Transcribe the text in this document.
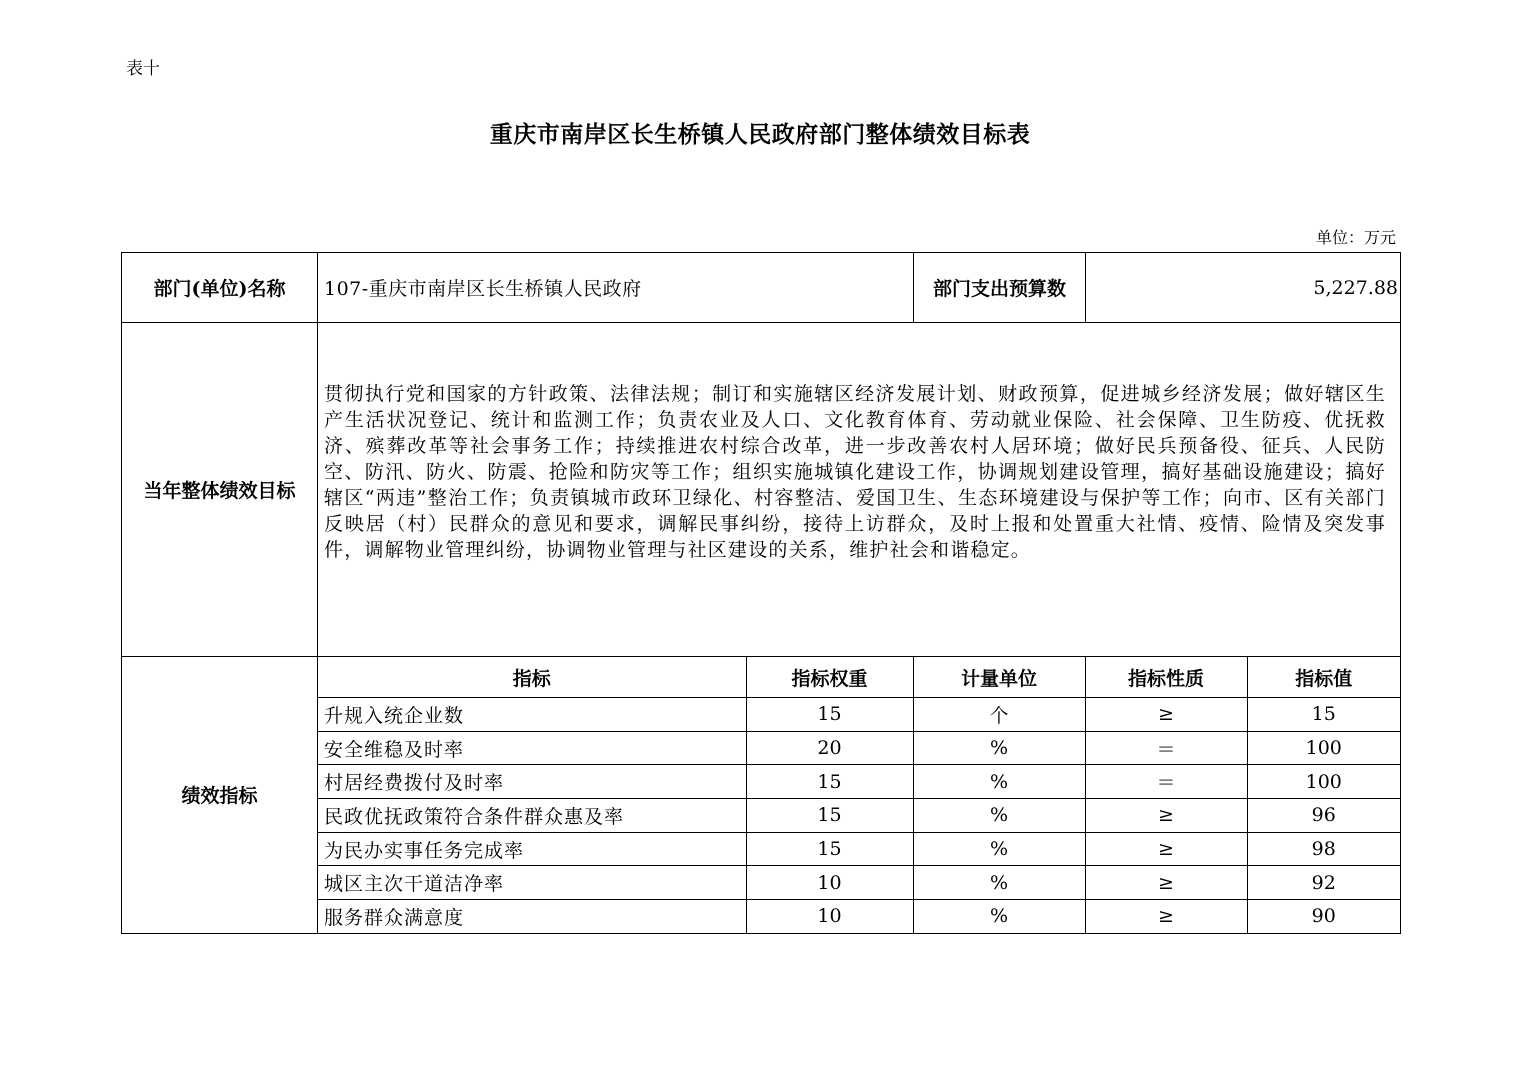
表十
重庆市南岸区长生桥镇人民政府部门整体绩效目标表
单位：万元
部门(单位)名称	107-重庆市南岸区长生桥镇人民政府	部门支出预算数	5,227.88
当年整体绩效目标	贯彻执行党和国家的方针政策、法律法规；制订和实施辖区经济发展计划、财政预算，促进城乡经济发展；做好辖区生产生活状况登记、统计和监测工作；负责农业及人口、文化教育体育、劳动就业保险、社会保障、卫生防疫、优抚救济、殡葬改革等社会事务工作；持续推进农村综合改革，进一步改善农村人居环境；做好民兵预备役、征兵、人民防空、防汛、防火、防震、抢险和防灾等工作；组织实施城镇化建设工作，协调规划建设管理，搞好基础设施建设；搞好辖区“两违”整治工作；负责镇城市政环卫绿化、村容整洁、爱国卫生、生态环境建设与保护等工作；向市、区有关部门反映居（村）民群众的意见和要求，调解民事纠纷，接待上访群众，及时上报和处置重大社情、疫情、险情及突发事件，调解物业管理纠纷，协调物业管理与社区建设的关系，维护社会和谐稳定。
绩效指标	
指标	指标权重	计量单位	指标性质	指标值
升规入统企业数	15	个	≥	15
安全维稳及时率	20	%	＝	100
村居经费拨付及时率	15	%	＝	100
民政优抚政策符合条件群众惠及率	15	%	≥	96
为民办实事任务完成率	15	%	≥	98
城区主次干道洁净率	10	%	≥	92
服务群众满意度	10	%	≥	90
